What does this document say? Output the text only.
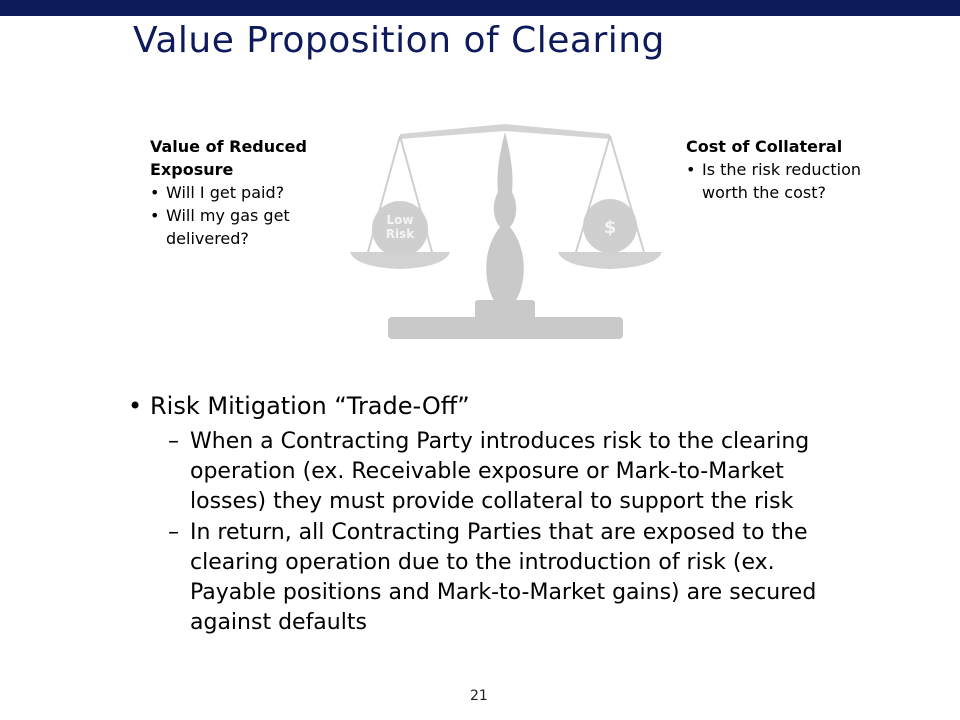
Value Proposition of Clearing
Low
Risk	$
Value of Reduced
Exposure
• Will I get paid?
• Will my gas get
delivered?
Cost of Collateral
• Is the risk reduction
worth the cost?
• Risk Mitigation “Trade-Off”
– When a Contracting Party introduces risk to the clearing
operation (ex. Receivable exposure or Mark-to-Market
losses) they must provide collateral to support the risk
– In return, all Contracting Parties that are exposed to the
clearing operation due to the introduction of risk (ex.
Payable positions and Mark-to-Market gains) are secured
against defaults
21
